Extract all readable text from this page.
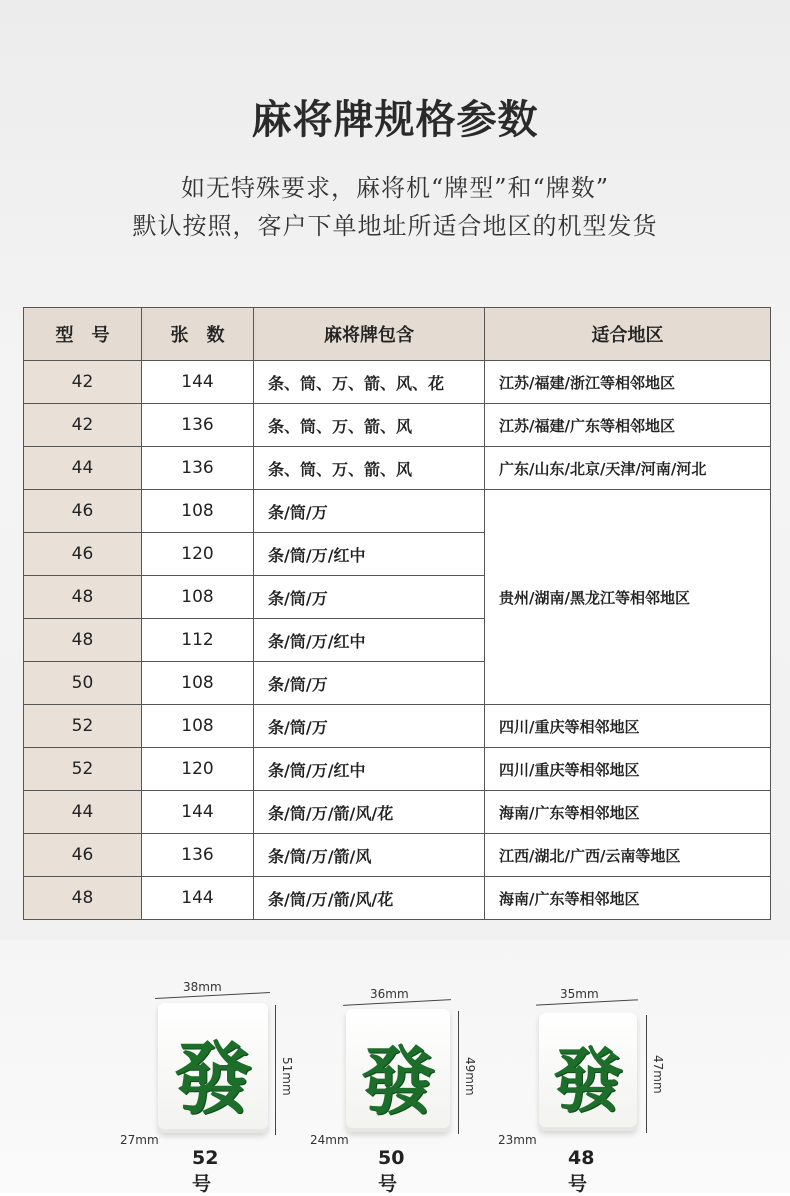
麻将牌规格参数
如无特殊要求，麻将机“牌型”和“牌数”
默认按照，客户下单地址所适合地区的机型发货
型　号	张　数	麻将牌包含	适合地区
42	144	条、筒、万、箭、风、花	江苏/福建/浙江等相邻地区
42	136	条、筒、万、箭、风	江苏/福建/广东等相邻地区
44	136	条、筒、万、箭、风	广东/山东/北京/天津/河南/河北
46	108	条/筒/万	贵州/湖南/黑龙江等相邻地区
46	120	条/筒/万/红中	
48	108	条/筒/万	
48	112	条/筒/万/红中	
50	108	条/筒/万	
52	108	条/筒/万	四川/重庆等相邻地区
52	120	条/筒/万/红中	四川/重庆等相邻地区
44	144	条/筒/万/箭/风/花	海南/广东等相邻地区
46	136	条/筒/万/箭/风	江西/湖北/广西/云南等地区
48	144	条/筒/万/箭/风/花	海南/广东等相邻地区
38mm
發	51mm
27mm
52号
36mm
發	49mm
24mm
50号
35mm
發	47mm
23mm
48号
